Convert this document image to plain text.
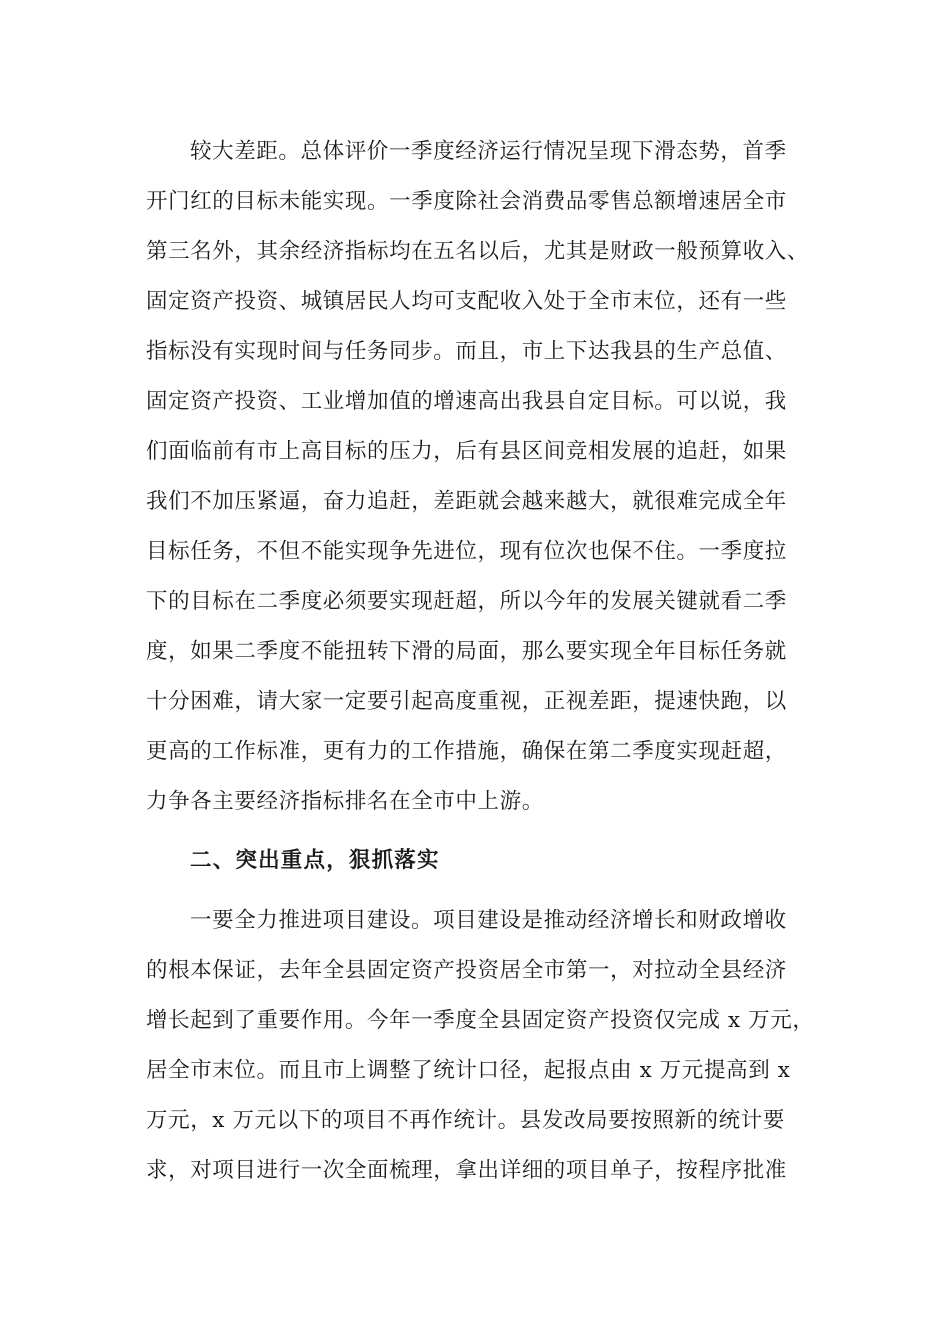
较大差距。总体评价一季度经济运行情况呈现下滑态势，首季
开门红的目标未能实现。一季度除社会消费品零售总额增速居全市
第三名外，其余经济指标均在五名以后，尤其是财政一般预算收入、
固定资产投资、城镇居民人均可支配收入处于全市末位，还有一些
指标没有实现时间与任务同步。而且，市上下达我县的生产总值、
固定资产投资、工业增加值的增速高出我县自定目标。可以说，我
们面临前有市上高目标的压力，后有县区间竞相发展的追赶，如果
我们不加压紧逼，奋力追赶，差距就会越来越大，就很难完成全年
目标任务，不但不能实现争先进位，现有位次也保不住。一季度拉
下的目标在二季度必须要实现赶超，所以今年的发展关键就看二季
度，如果二季度不能扭转下滑的局面，那么要实现全年目标任务就
十分困难，请大家一定要引起高度重视，正视差距，提速快跑，以
更高的工作标准，更有力的工作措施，确保在第二季度实现赶超，
力争各主要经济指标排名在全市中上游。
二、突出重点，狠抓落实
一要全力推进项目建设。项目建设是推动经济增长和财政增收
的根本保证，去年全县固定资产投资居全市第一，对拉动全县经济
增长起到了重要作用。今年一季度全县固定资产投资仅完成 x 万元，
居全市末位。而且市上调整了统计口径，起报点由 x 万元提高到 x
万元，x 万元以下的项目不再作统计。县发改局要按照新的统计要
求，对项目进行一次全面梳理，拿出详细的项目单子，按程序批准
